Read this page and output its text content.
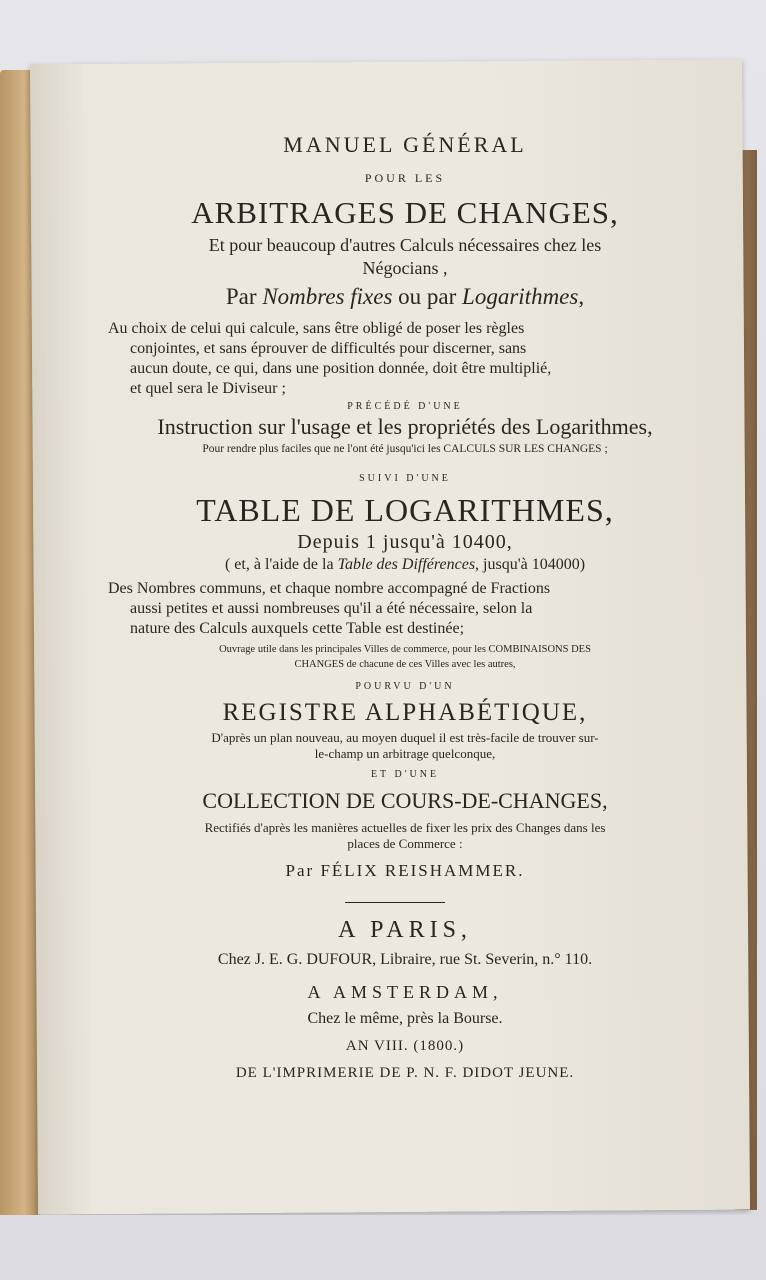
MANUEL GÉNÉRAL
POUR LES
ARBITRAGES DE CHANGES,
Et pour beaucoup d'autres Calculs nécessaires chez les
Négocians ,
Par Nombres fixes ou par Logarithmes,
Au choix de celui qui calcule, sans être obligé de poser les règles
conjointes, et sans éprouver de difficultés pour discerner, sans
aucun doute, ce qui, dans une position donnée, doit être multiplié,
et quel sera le Diviseur ;
PRÉCÉDÉ D'UNE
Instruction sur l'usage et les propriétés des Logarithmes,
Pour rendre plus faciles que ne l'ont été jusqu'ici les CALCULS SUR LES CHANGES ;
SUIVI D'UNE
TABLE DE LOGARITHMES,
Depuis 1 jusqu'à 10400,
( et, à l'aide de la Table des Différences, jusqu'à 104000)
Des Nombres communs, et chaque nombre accompagné de Fractions
aussi petites et aussi nombreuses qu'il a été nécessaire, selon la
nature des Calculs auxquels cette Table est destinée;
Ouvrage utile dans les principales Villes de commerce, pour les COMBINAISONS DES
CHANGES de chacune de ces Villes avec les autres,
POURVU D'UN
REGISTRE ALPHABÉTIQUE,
D'après un plan nouveau, au moyen duquel il est très-facile de trouver sur-
le-champ un arbitrage quelconque,
ET D'UNE
COLLECTION DE COURS-DE-CHANGES,
Rectifiés d'après les manières actuelles de fixer les prix des Changes dans les
places de Commerce :
Par FÉLIX REISHAMMER.
A PARIS,
Chez J. E. G. DUFOUR, Libraire, rue St. Severin, n.° 110.
A AMSTERDAM,
Chez le même, près la Bourse.
AN VIII. (1800.)
DE L'IMPRIMERIE DE P. N. F. DIDOT JEUNE.
